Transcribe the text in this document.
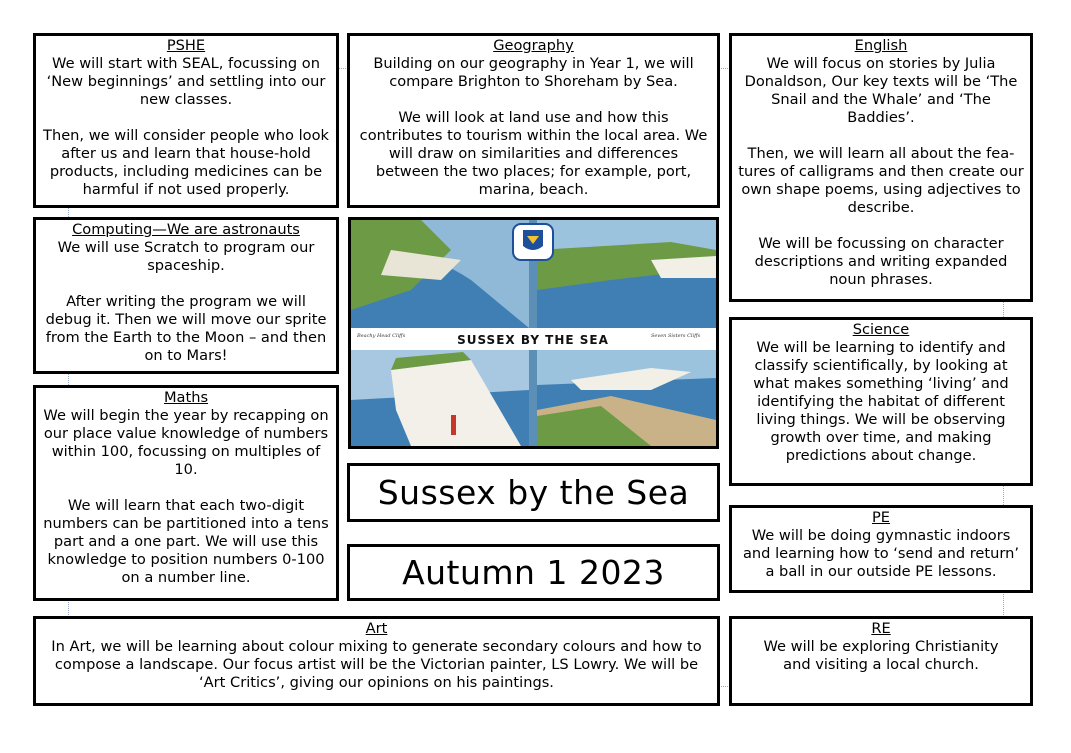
PSHE

We will start with SEAL, focussing on ‘New beginnings’ and settling into our new classes.

Then, we will consider people who look after us and learn that house-hold products, including medicines can be harmful if not used properly.

Geography

Building on our geography in Year 1, we will compare Brighton to Shoreham by Sea.

We will look at land use and how this contributes to tourism within the local area. We will draw on similarities and differences between the two places; for example, port, marina, beach.

English

We will focus on stories by Julia Donaldson, Our key texts will be ‘The Snail and the Whale’ and ‘The Baddies’.

Then, we will learn all about the fea-tures of calligrams and then create our own shape poems, using adjectives to describe.

We will be focussing on character descriptions and writing expanded noun phrases.

Computing—We are astronauts

We will use Scratch to program our spaceship.

After writing the program we will debug it. Then we will move our sprite from the Earth to the Moon – and then on to Mars!

SUSSEX BY THE SEA
Beachy Head Cliffs	Seven Sisters Cliffs	Science

We will be learning to identify and classify scientifically, by looking at what makes something ‘living’ and identifying the habitat of different living things. We will be observing growth over time, and making predictions about change.

Maths

We will begin the year by recapping on our place value knowledge of numbers within 100, focussing on multiples of 10.

We will learn that each two-digit numbers can be partitioned into a tens part and a one part. We will use this knowledge to position numbers 0-100 on a number line.

Sussex by the Sea
PE

We will be doing gymnastic indoors and learning how to ‘send and return’ a ball in our outside PE lessons.

Autumn 1 2023
Art

In Art, we will be learning about colour mixing to generate secondary colours and how to compose a landscape. Our focus artist will be the Victorian painter, LS Lowry. We will be ‘Art Critics’, giving our opinions on his paintings.

RE

We will be exploring Christianity and visiting a local church.
